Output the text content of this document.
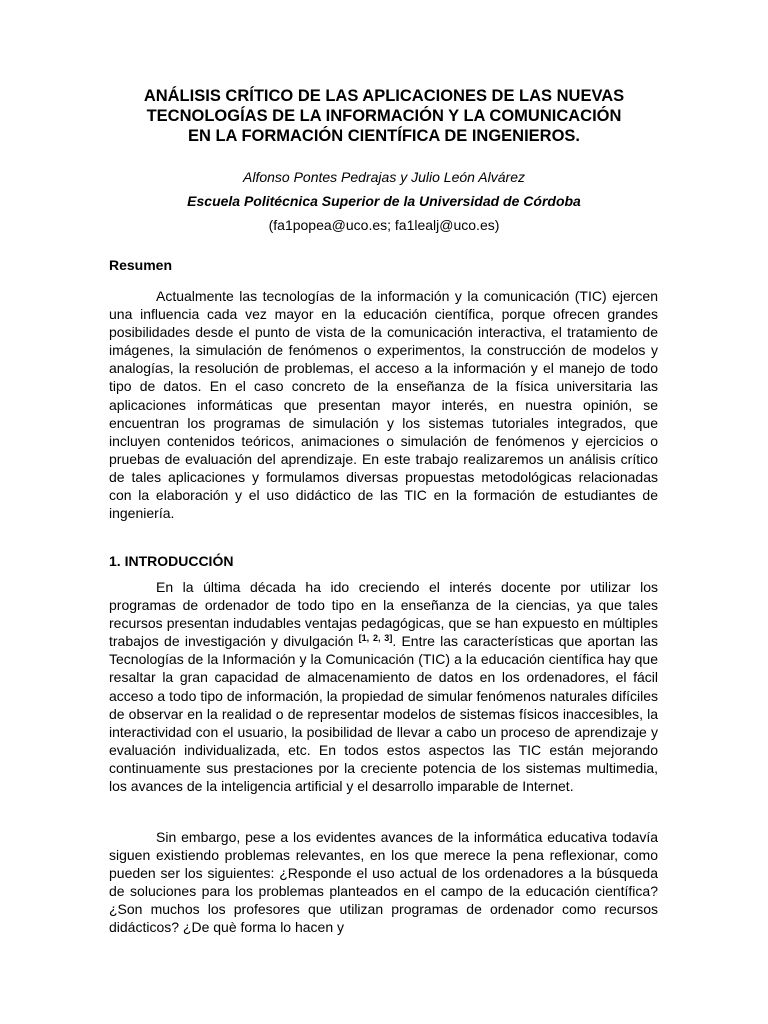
ANÁLISIS CRÍTICO DE LAS APLICACIONES DE LAS NUEVAS
TECNOLOGÍAS DE LA INFORMACIÓN Y LA COMUNICACIÓN
EN LA FORMACIÓN CIENTÍFICA DE INGENIEROS.
Alfonso Pontes Pedrajas y Julio León Alvárez
Escuela Politécnica Superior de la Universidad de Córdoba
(fa1popea@uco.es; fa1lealj@uco.es)
Resumen

Actualmente las tecnologías de la información y la comunicación (TIC) ejercen una influencia cada vez mayor en la educación científica, porque ofrecen grandes posibilidades desde el punto de vista de la comunicación interactiva, el tratamiento de imágenes, la simulación de fenómenos o experimentos, la construcción de modelos y analogías, la resolución de problemas, el acceso a la información y el manejo de todo tipo de datos. En el caso concreto de la enseñanza de la física universitaria las aplicaciones informáticas que presentan mayor interés, en nuestra opinión, se encuentran los programas de simulación y los sistemas tutoriales integrados, que incluyen contenidos teóricos, animaciones o simulación de fenómenos y ejercicios o pruebas de evaluación del aprendizaje. En este trabajo realizaremos un análisis crítico de tales aplicaciones y formulamos diversas propuestas metodológicas relacionadas con la elaboración y el uso didáctico de las TIC en la formación de estudiantes de ingeniería.

1. INTRODUCCIÓN

En la última década ha ido creciendo el interés docente por utilizar los programas de ordenador de todo tipo en la enseñanza de la ciencias, ya que tales recursos presentan indudables ventajas pedagógicas, que se han expuesto en múltiples trabajos de investigación y divulgación [1, 2, 3]. Entre las características que aportan las Tecnologías de la Información y la Comunicación (TIC) a la educación científica hay que resaltar la gran capacidad de almacenamiento de datos en los ordenadores, el fácil acceso a todo tipo de información, la propiedad de simular fenómenos naturales difíciles de observar en la realidad o de representar modelos de sistemas físicos inaccesibles, la interactividad con el usuario, la posibilidad de llevar a cabo un proceso de aprendizaje y evaluación individualizada, etc. En todos estos aspectos las TIC están mejorando continuamente sus prestaciones por la creciente potencia de los sistemas multimedia, los avances de la inteligencia artificial y el desarrollo imparable de Internet.

Sin embargo, pese a los evidentes avances de la informática educativa todavía siguen existiendo problemas relevantes, en los que merece la pena reflexionar, como pueden ser los siguientes: ¿Responde el uso actual de los ordenadores a la búsqueda de soluciones para los problemas planteados en el campo de la educación científica?¿Son muchos los profesores que utilizan programas de ordenador como recursos didácticos? ¿De què forma lo hacen y
